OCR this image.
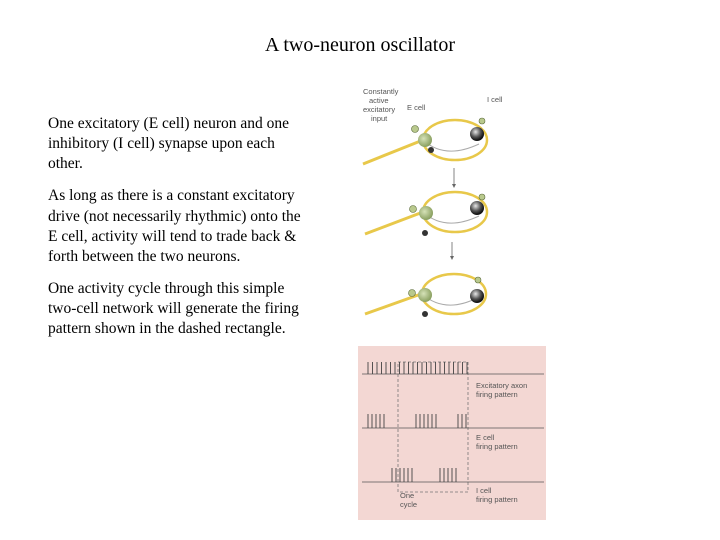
A two-neuron oscillator

One excitatory (E cell) neuron and one inhibitory (I cell) synapse upon each other.

As long as there is a constant excitatory drive (not necessarily rhythmic) onto the E cell, activity will tend to trade back & forth between the two neurons.

One activity cycle through this simple two-cell network will generate the firing pattern shown in the dashed rectangle.

Constantly
active
excitatory
input
E cell
I cell
Excitatory axon
firing pattern
E cell
firing pattern
I cell
firing pattern
One
cycle
